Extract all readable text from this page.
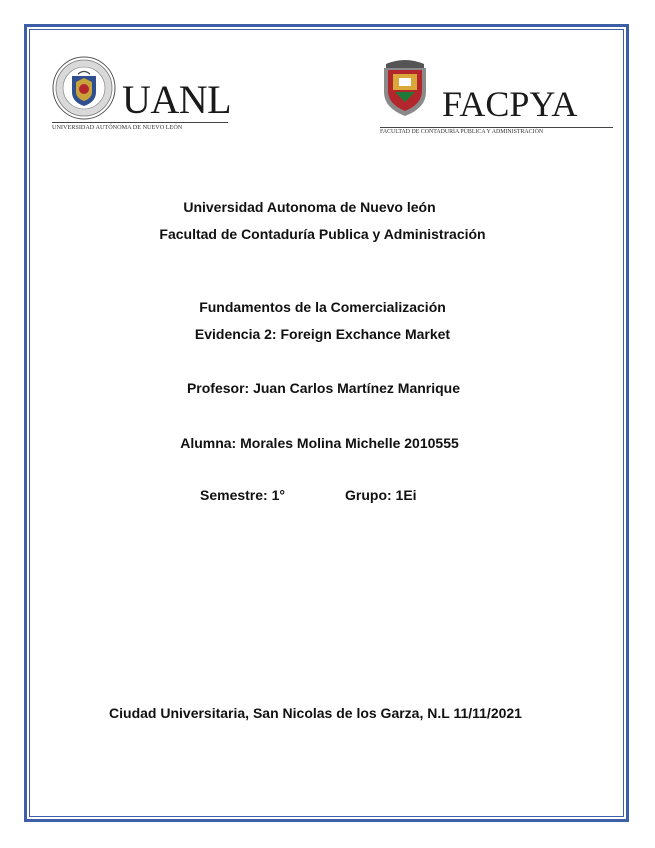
UANL
UNIVERSIDAD AUTÓNOMA DE NUEVO LEÓN
FACPYA
FACULTAD DE CONTADURÍA PÚBLICA Y ADMINISTRACIÓN
Universidad Autonoma de Nuevo león
Facultad de Contaduría Publica y Administración
Fundamentos de la Comercialización
Evidencia 2: Foreign Exchance Market
Profesor: Juan Carlos Martínez Manrique
Alumna: Morales Molina Michelle 2010555
Semestre: 1°	Grupo: 1Ei
Ciudad Universitaria, San Nicolas de los Garza, N.L 11/11/2021
